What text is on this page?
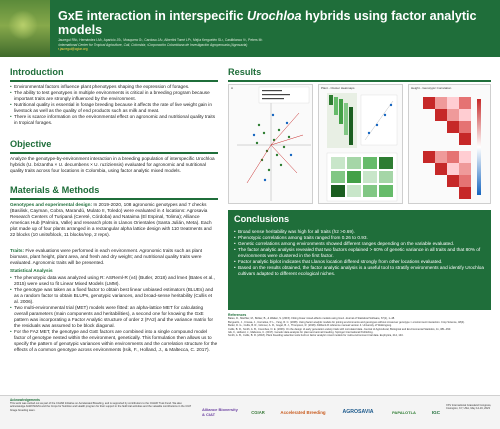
GxE interaction in interspecific Urochloa hybrids using factor analytic models
Jauregui RN¹, Hernández LM¹, Aparicio JS¹, Mosquera G¹, Cardoso JA¹, Albertini Tomé LP², Mejía Kerguelén SL², Castiblanco V¹, Peters M¹
¹International Center for Tropical Agriculture, Cali, Colombia; ²Corporación Colombiana de Investigación Agropecuaria (Agrosavia)
r.jauregui@cgiar.org
Introduction
• Environmental factors influence plant phenotypes shaping the expression of forages.
• The ability to test genotypes in multiple environments is critical in a breeding program because important traits are strongly influenced by the environment.
• Nutritional quality is essential in forage breeding because it affects the rate of live weight gain in livestock as well as the quality of end products such as milk and meat.
• There is scarce information on the environmental effect on agronomic and nutritional quality traits in tropical forages.
Objective
Analyze the genotype-by-environment interaction in a breeding population of interspecific Urochloa hybrids (U. brizantha × U. decumbens × U. ruziziensis) evaluated for agronomic and nutritional quality traits across four locations in Colombia, using factor analytic mixed models.
Materials & Methods
Genotypes and experimental design: In 2019-2020, 108 agronomic genotypes and 7 checks (Basilisk, Cayman, Cobra, Marandú, Mulato II, Toledo) were evaluated in 4 locations: Agrosavia Research Centers of Turipaná (Cereté, Córdoba) and Nataima (El Espinal, Tolima); Alliance Americas Hub (Palmira, Valle) and research plots in Llanos Orientales (Santa Julián, Meta). Each plot made up of four plants arranged in a rectangular alpha lattice design with 110 treatments and 22 blocks (10 units/block, 11 blocks/rep, 2 reps).
Traits: Five evaluations were performed in each environment. Agronomic traits such as plant biomass, plant height, plant area, and fresh and dry weight; and nutritional quality traits were evaluated. Agronomic traits will be presented.
Statistical Analysis
• The phenotypic data was analyzed using R: ASReml-R (v4) (Butler, 2018) and lme4 (Bates et al., 2015) were used to fit Linear Mixed Models (LMM).
• The genotype was taken as a fixed factor to obtain best linear unbiased estimators (BLUEs) and as a random factor to obtain BLUPs, genotypic variances, and broad-sense heritability (Cullis et al. 2006).
• Two multi-environmental trial (MET) models were fitted: an alpha-lattice MET for calculating overall parameters (main components and heritabilities), a second one for knowing the GxE pattern was incorporating a Factor Analytic structure of order 2 (FA2) and the variance matrix for the residuals was assumed to be block diagonal.
• For the FA2 MET, the genotype and GxE factors are combined into a single compound model factor of genotype nested within the environment, genetically. This formulation then allows us to specify the pattern of genotypic variances within environments and the correlation structure for the effects of a common genotype across environments (Isik, F., Holland, J., & Maltecca, C. 2017).
Results
A	Plant - Cluster Heatmaps	Height - Genotypic Correlation
Conclusions
• Broad sense heritability was high for all traits (h2 >0.69).
• Phenotypic correlations among traits ranged from 0.26 to 0.93.
• Genetic correlations among environments showed different ranges depending on the variable evaluated.
• The factor analytic analysis revealed that two factors explained > 60% of genetic variance in all traits and that 80% of environments were clustered in the first factor.
• Factor analytic biplot indicates that Llanos location differed strongly from other locations evaluated.
• Based on the results obtained, the factor analytic analysis is a useful tool to stratify environments and identify Urochloa cultivars adapted to different ecological niches.
References
Bates, D., Mächler, M., Bolker, B., & Walker, S. (2015). Fitting linear mixed-effects models using lme4. Journal of Statistical Software, 67(1), 1–48.
Burgueño, J., Crossa, J., Cornelius, P. L., Yang, R. C. (2008). Using factor analytic models for joining environments and genotypes without crossover genotype × environment interaction. Crop Science, 48(4).
Butler, D. G., Cullis, B. R., Gilmour, A. R., Gogel, B. J., Thompson, R. (2018). ASReml-R reference manual version 4. University of Wollongong.
Cullis, B. R., Smith, A. B., Coombes, N. E. (2006). On the design of early generation variety trials with correlated data. Journal of Agricultural, Biological and Environmental Statistics, 11, 381–393.
Isik, F., Holland, J., Maltecca, C. (2017). Genetic data analysis for plant and animal breeding. Springer International Publishing.
Smith, A. B., Cullis, B. R. (2018). Plant breeding selection tools built on factor analytic mixed models for multi-environment trial data. Euphytica, 214, 143.
Acknowledgements
This work was carried out as part of the CGIAR Initiative on Accelerated Breeding, and is supported by contributors to the CGIAR Trust Fund. We also acknowledge AGROSAVIA and the Crops for Nutrition and Health program for their support in the field trial activities and the valuable contributions in the CIAT forage breeding team.	Alliance Bioversity & CIAT	CGIAR	Accelerated Breeding	AGROSAVIA	PAPALOTLA	IGC
XXV International Grassland Congress, Covington, KY, USA, May 14-19, 2023
